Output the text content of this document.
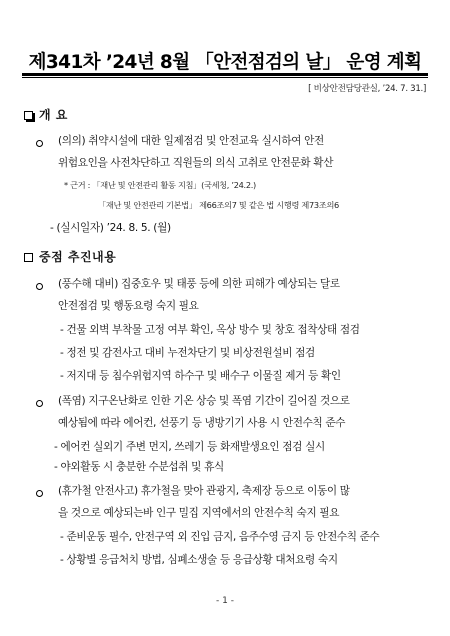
제341차 ’24년 8월 「안전점검의 날」 운영 계획
[ 비상안전담당관실, ’24. 7. 31.]
개 요
(의의) 취약시설에 대한 일제점검 및 안전교육 실시하여 안전
위험요인을 사전차단하고 직원들의 의식 고취로 안전문화 확산
* 근거 : 「재난 및 안전관리 활동 지침」(국세청, ’24.2.)
「재난 및 안전관리 기본법」 제66조의7 및 같은 법 시행령 제73조의6
- (실시일자) ’24. 8. 5. (월)
중점 추진내용
(풍수해 대비) 집중호우 및 태풍 등에 의한 피해가 예상되는 달로
안전점검 및 행동요령 숙지 필요
- 건물 외벽 부착물 고정 여부 확인, 옥상 방수 및 창호 접착상태 점검
- 정전 및 감전사고 대비 누전차단기 및 비상전원설비 점검
- 저지대 등 침수위험지역 하수구 및 배수구 이물질 제거 등 확인
(폭염) 지구온난화로 인한 기온 상승 및 폭염 기간이 길어질 것으로
예상됨에 따라 에어컨, 선풍기 등 냉방기기 사용 시 안전수칙 준수
- 에어컨 실외기 주변 먼지, 쓰레기 등 화재발생요인 점검 실시
- 야외활동 시 충분한 수분섭취 및 휴식
(휴가철 안전사고) 휴가철을 맞아 관광지, 축제장 등으로 이동이 많
을 것으로 예상되는바 인구 밀집 지역에서의 안전수칙 숙지 필요
- 준비운동 필수, 안전구역 외 진입 금지, 음주수영 금지 등 안전수칙 준수
- 상황별 응급처치 방법, 심폐소생술 등 응급상황 대처요령 숙지
- 1 -
